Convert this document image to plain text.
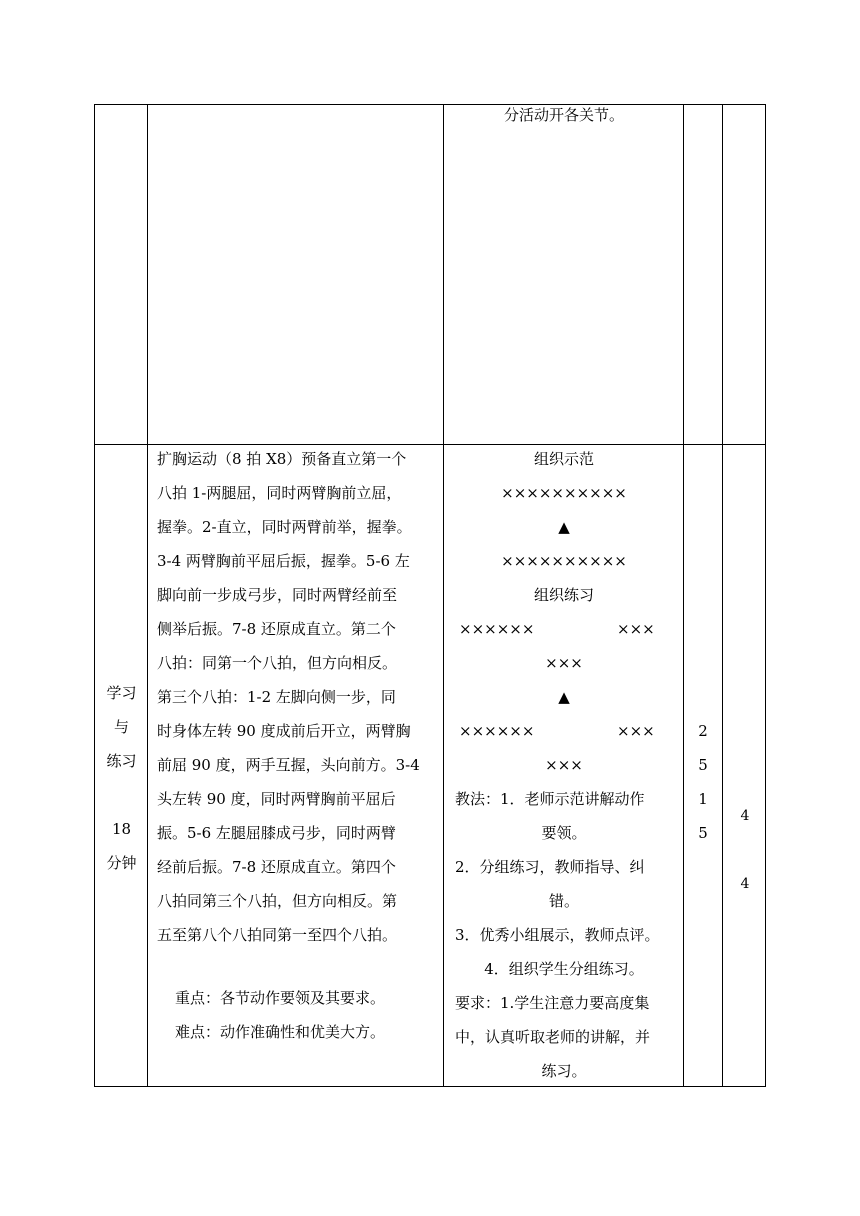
分活动开各关节。
学习
与
练习
18
分钟
扩胸运动（8 拍 X8）预备直立第一个
八拍 1-两腿屈，同时两臂胸前立屈，
握拳。2-直立，同时两臂前举，握拳。
3-4 两臂胸前平屈后振，握拳。5-6 左
脚向前一步成弓步，同时两臂经前至
侧举后振。7-8 还原成直立。第二个
八拍：同第一个八拍，但方向相反。
第三个八拍：1-2 左脚向侧一步，同
时身体左转 90 度成前后开立，两臂胸
前屈 90 度，两手互握，头向前方。3-4
头左转 90 度，同时两臂胸前平屈后
振。5-6 左腿屈膝成弓步，同时两臂
经前后振。7-8 还原成直立。第四个
八拍同第三个八拍，但方向相反。第
五至第八个八拍同第一至四个八拍。
重点：各节动作要领及其要求。
难点：动作准确性和优美大方。
组织示范
××××××××××
▲
××××××××××
组织练习
××××××	×××
×××
▲
××××××	×××
×××
教法：1．老师示范讲解动作
要领。
2．分组练习，教师指导、纠
错。
3．优秀小组展示，教师点评。
4．组织学生分组练习。
要求：1.学生注意力要高度集
中，认真听取老师的讲解，并
练习。
2
5
1
5
4
4
